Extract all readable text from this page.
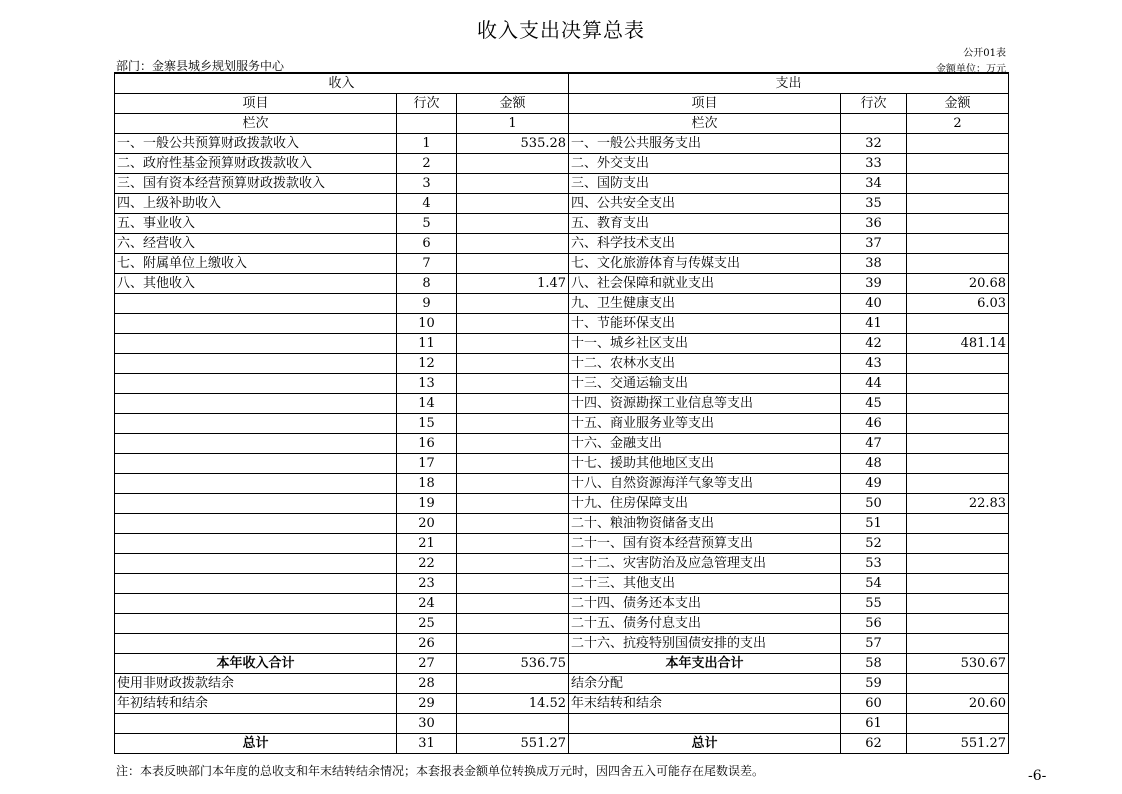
收入支出决算总表
公开01表
部门：金寨县城乡规划服务中心	金额单位：万元
收入			支出		
项目	行次	金额	项目	行次	金额
栏次		1	栏次		2
一、一般公共预算财政拨款收入	1	535.28	一、一般公共服务支出	32	
二、政府性基金预算财政拨款收入	2		二、外交支出	33	
三、国有资本经营预算财政拨款收入	3		三、国防支出	34	
四、上级补助收入	4		四、公共安全支出	35	
五、事业收入	5		五、教育支出	36	
六、经营收入	6		六、科学技术支出	37	
七、附属单位上缴收入	7		七、文化旅游体育与传媒支出	38	
八、其他收入	8	1.47	八、社会保障和就业支出	39	20.68
	9		九、卫生健康支出	40	6.03
	10		十、节能环保支出	41	
	11		十一、城乡社区支出	42	481.14
	12		十二、农林水支出	43	
	13		十三、交通运输支出	44	
	14		十四、资源勘探工业信息等支出	45	
	15		十五、商业服务业等支出	46	
	16		十六、金融支出	47	
	17		十七、援助其他地区支出	48	
	18		十八、自然资源海洋气象等支出	49	
	19		十九、住房保障支出	50	22.83
	20		二十、粮油物资储备支出	51	
	21		二十一、国有资本经营预算支出	52	
	22		二十二、灾害防治及应急管理支出	53	
	23		二十三、其他支出	54	
	24		二十四、债务还本支出	55	
	25		二十五、债务付息支出	56	
	26		二十六、抗疫特别国债安排的支出	57	
本年收入合计	27	536.75	本年支出合计	58	530.67
使用非财政拨款结余	28		结余分配	59	
年初结转和结余	29	14.52	年末结转和结余	60	20.60
	30			61	
总计	31	551.27	总计	62	551.27
注：本表反映部门本年度的总收支和年末结转结余情况；本套报表金额单位转换成万元时，因四舍五入可能存在尾数误差。	-6-
